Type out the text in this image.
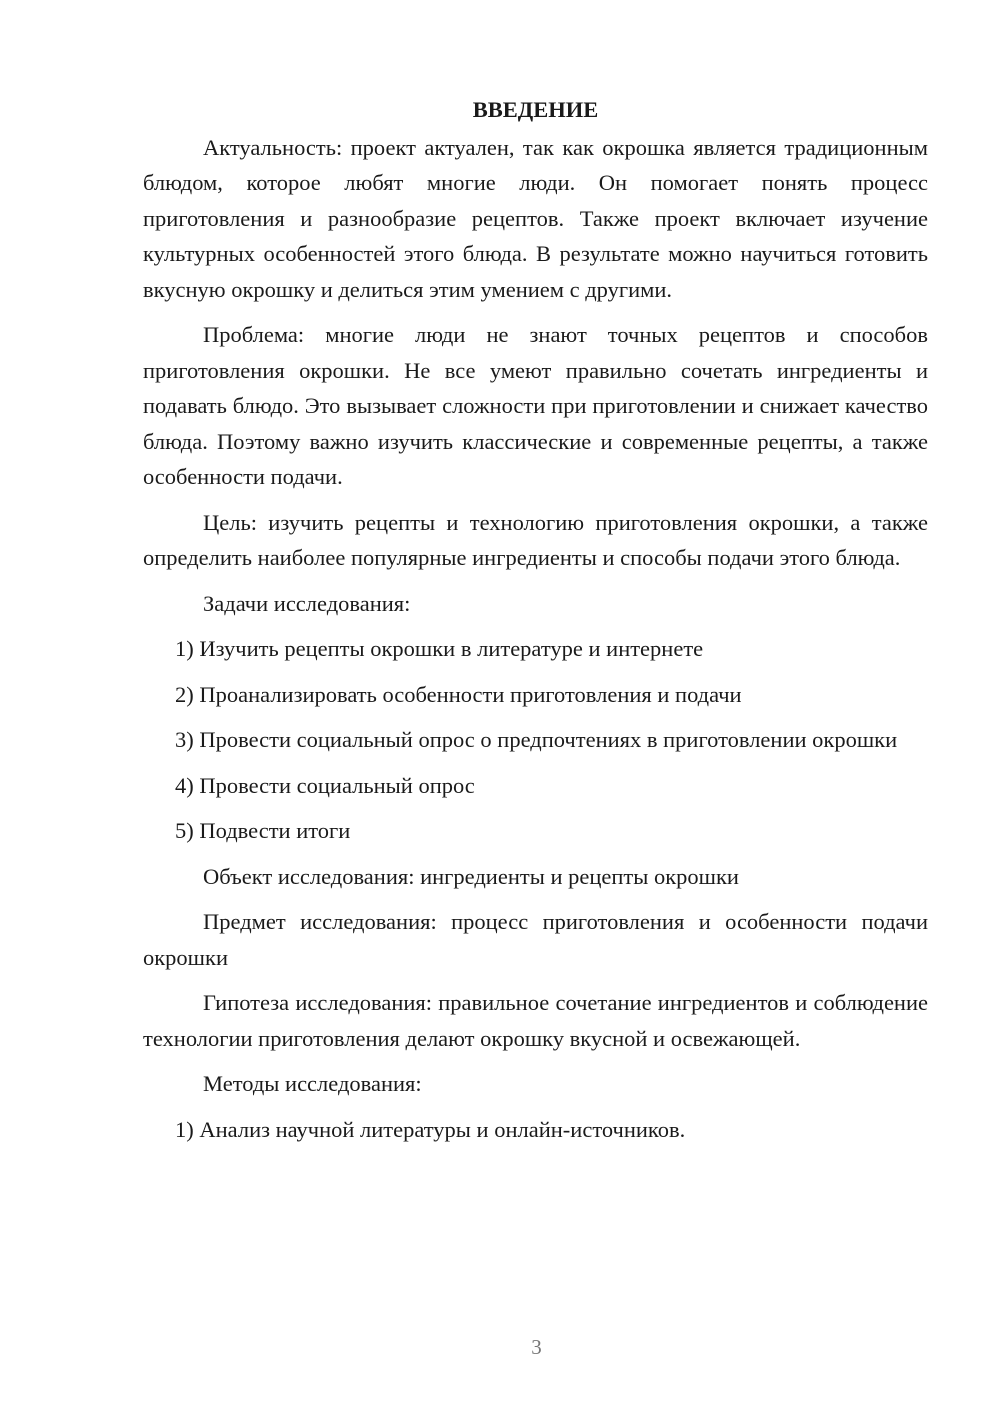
ВВЕДЕНИЕ
Актуальность: проект актуален, так как окрошка является традиционным блюдом, которое любят многие люди. Он помогает понять процесс приготовления и разнообразие рецептов. Также проект включает изучение культурных особенностей этого блюда. В результате можно научиться готовить вкусную окрошку и делиться этим умением с другими.
Проблема: многие люди не знают точных рецептов и способов приготовления окрошки. Не все умеют правильно сочетать ингредиенты и подавать блюдо. Это вызывает сложности при приготовлении и снижает качество блюда. Поэтому важно изучить классические и современные рецепты, а также особенности подачи.
Цель: изучить рецепты и технологию приготовления окрошки, а также определить наиболее популярные ингредиенты и способы подачи этого блюда.
Задачи исследования:
1) Изучить рецепты окрошки в литературе и интернете
2) Проанализировать особенности приготовления и подачи
3) Провести социальный опрос о предпочтениях в приготовлении окрошки
4) Провести социальный опрос
5) Подвести итоги
Объект исследования: ингредиенты и рецепты окрошки
Предмет исследования: процесс приготовления и особенности подачи окрошки
Гипотеза исследования: правильное сочетание ингредиентов и соблюдение технологии приготовления делают окрошку вкусной и освежающей.
Методы исследования:
1) Анализ научной литературы и онлайн-источников.
3
